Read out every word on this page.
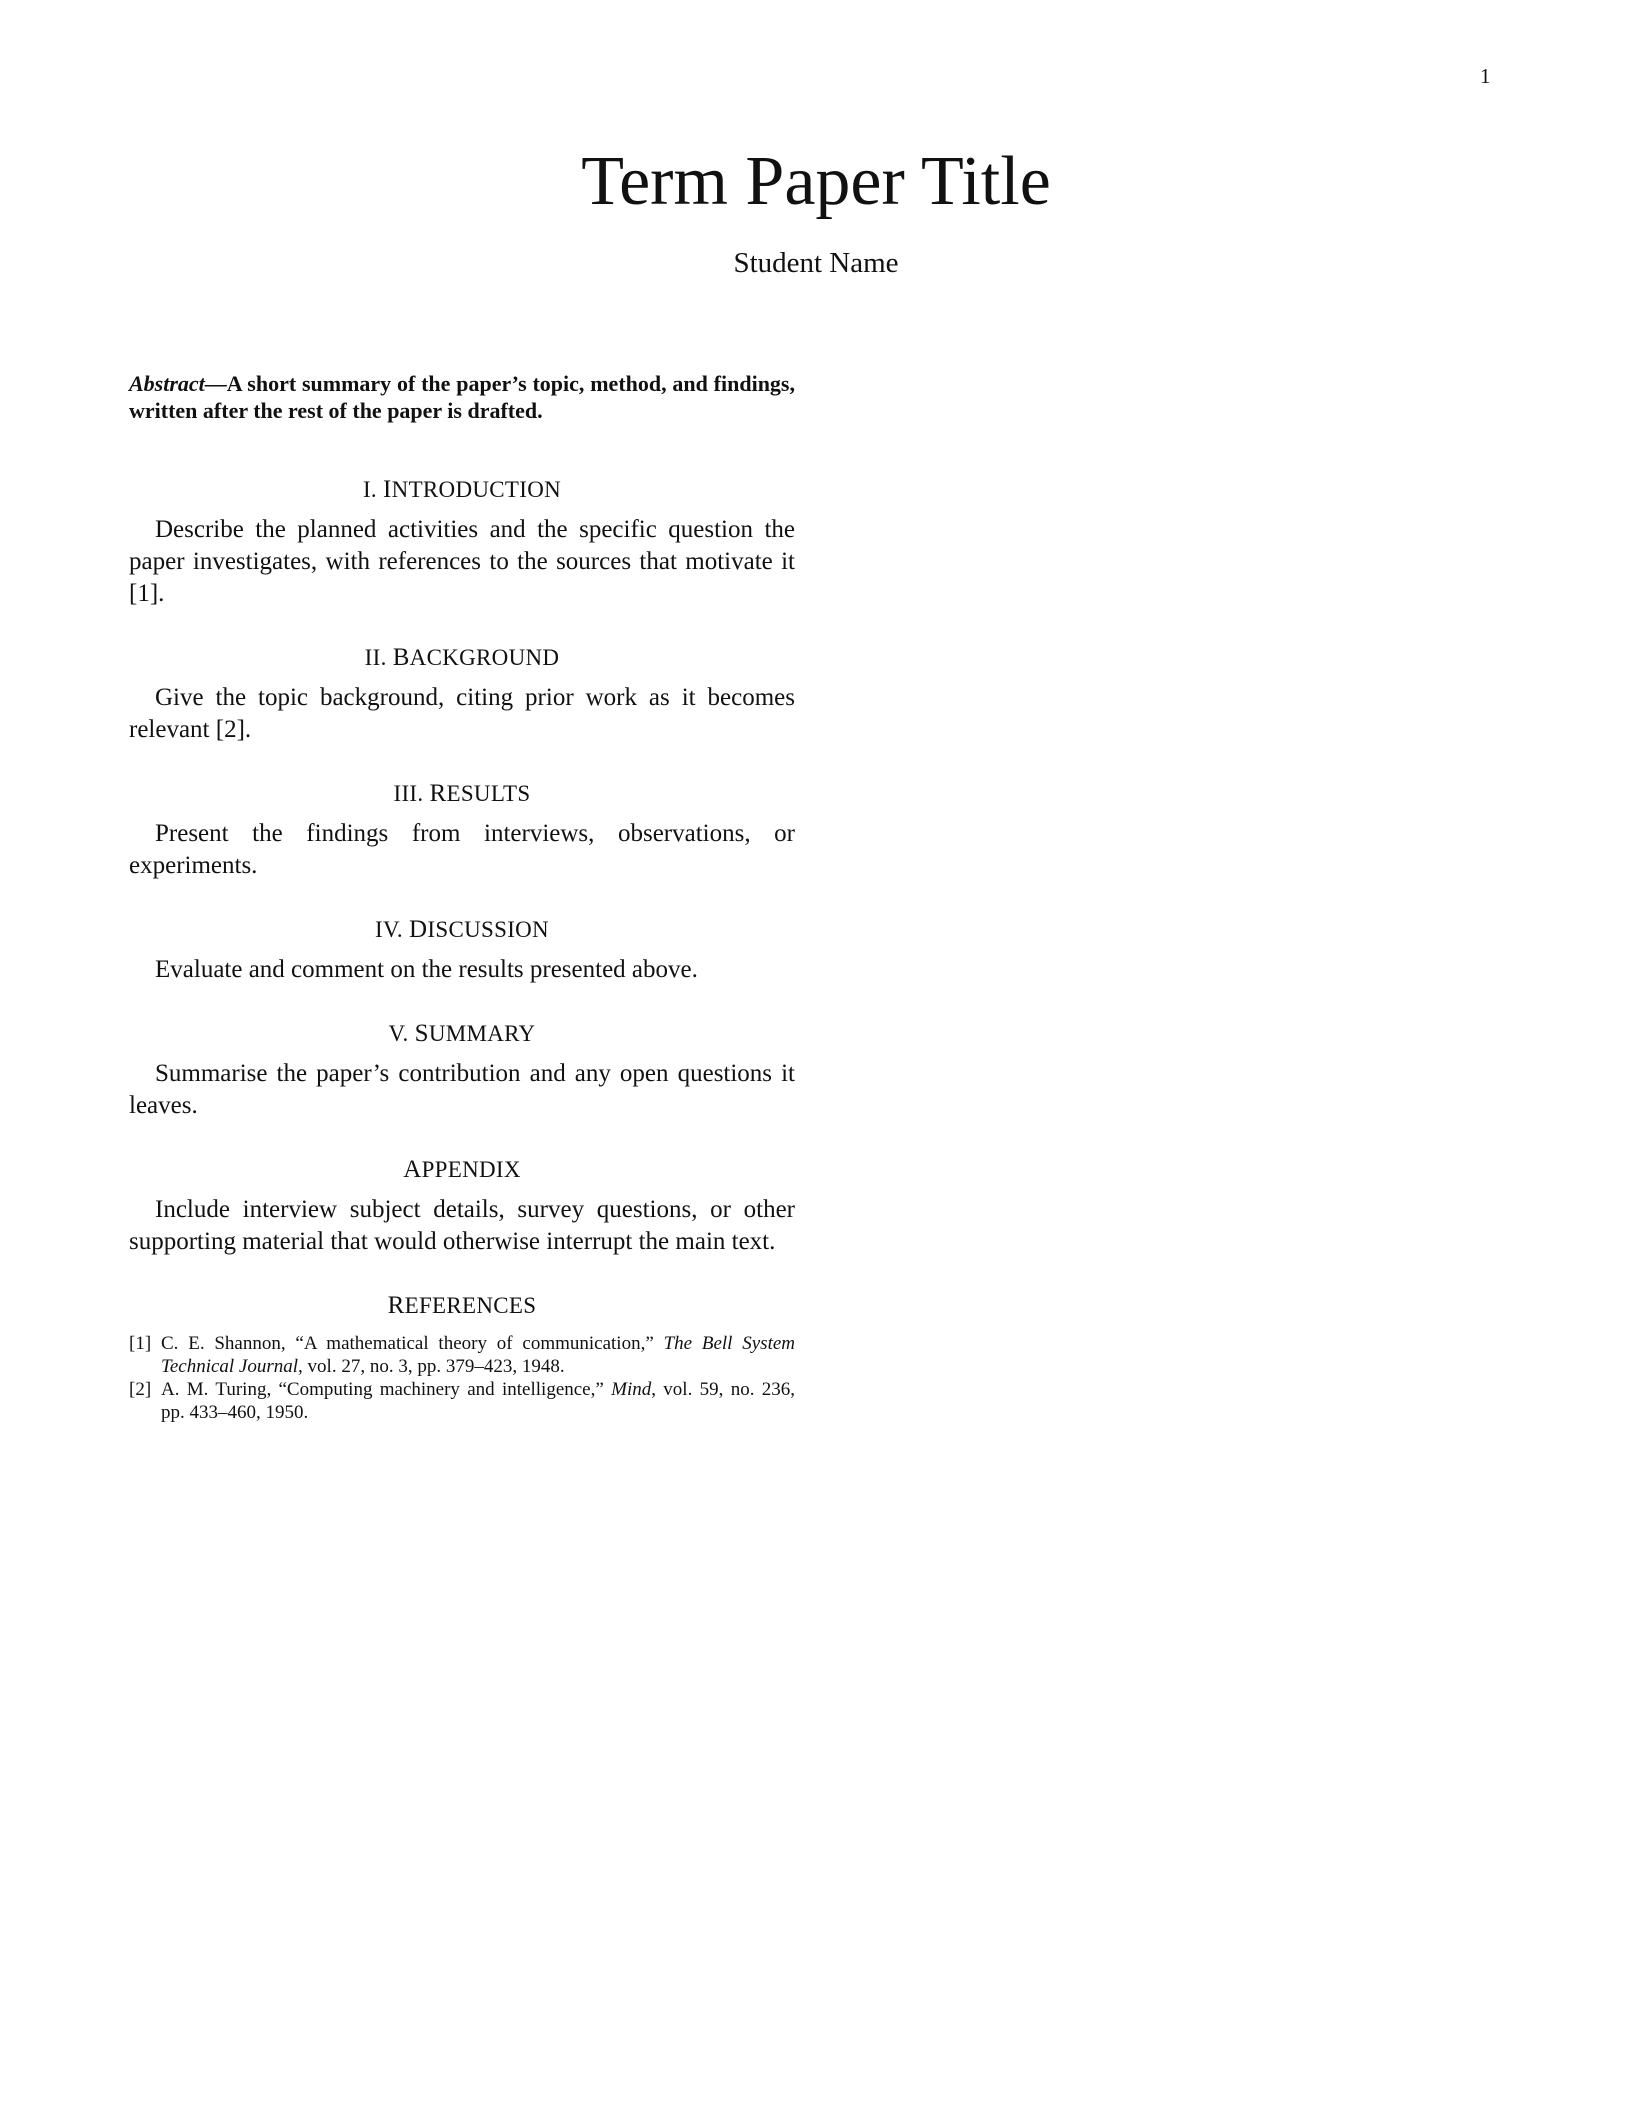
1
Term Paper Title
Student Name

Abstract—A short summary of the paper’s topic, method, and findings, written after the rest of the paper is drafted.

I. INTRODUCTION

Describe the planned activities and the specific question the paper investigates, with references to the sources that motivate it [1].

II. BACKGROUND

Give the topic background, citing prior work as it becomes relevant [2].

III. RESULTS

Present the findings from interviews, observations, or experiments.

IV. DISCUSSION

Evaluate and comment on the results presented above.

V. SUMMARY

Summarise the paper’s contribution and any open questions it leaves.

APPENDIX

Include interview subject details, survey questions, or other supporting material that would otherwise interrupt the main text.

REFERENCES
[1] C. E. Shannon, “A mathematical theory of communication,” The Bell System Technical Journal, vol. 27, no. 3, pp. 379–423, 1948.
[2] A. M. Turing, “Computing machinery and intelligence,” Mind, vol. 59, no. 236, pp. 433–460, 1950.
